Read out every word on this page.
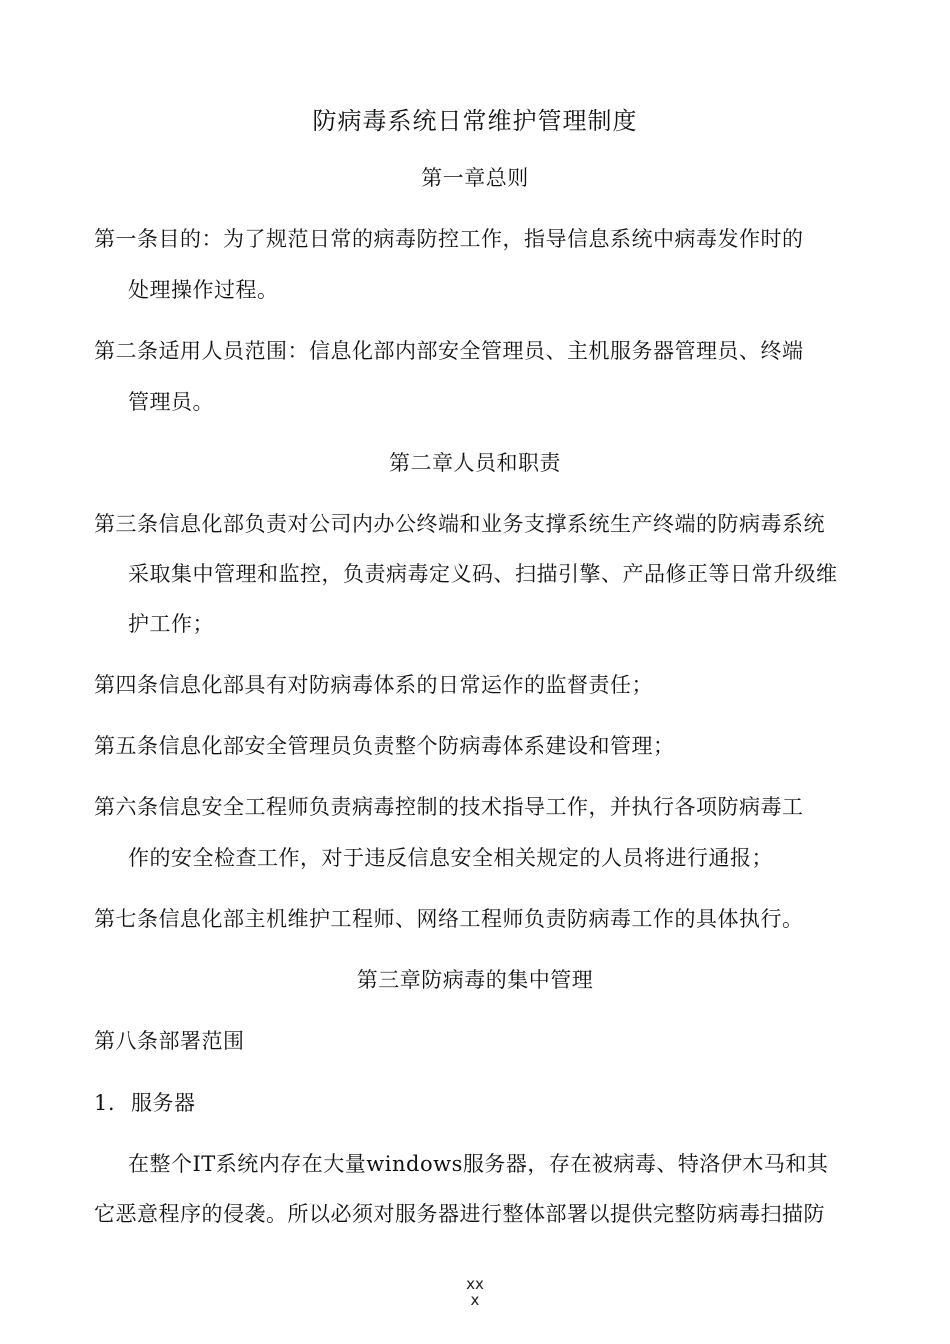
防病毒系统日常维护管理制度
第一章总则
第一条目的：为了规范日常的病毒防控工作，指导信息系统中病毒发作时的
处理操作过程。
第二条适用人员范围：信息化部内部安全管理员、主机服务器管理员、终端
管理员。
第二章人员和职责
第三条信息化部负责对公司内办公终端和业务支撑系统生产终端的防病毒系统
采取集中管理和监控，负责病毒定义码、扫描引擎、产品修正等日常升级维
护工作；
第四条信息化部具有对防病毒体系的日常运作的监督责任；
第五条信息化部安全管理员负责整个防病毒体系建设和管理；
第六条信息安全工程师负责病毒控制的技术指导工作，并执行各项防病毒工
作的安全检查工作，对于违反信息安全相关规定的人员将进行通报；
第七条信息化部主机维护工程师、网络工程师负责防病毒工作的具体执行。
第三章防病毒的集中管理
第八条部署范围
1. 服务器
在整个IT系统内存在大量windows服务器，存在被病毒、特洛伊木马和其
它恶意程序的侵袭。所以必须对服务器进行整体部署以提供完整防病毒扫描防
xx
x
